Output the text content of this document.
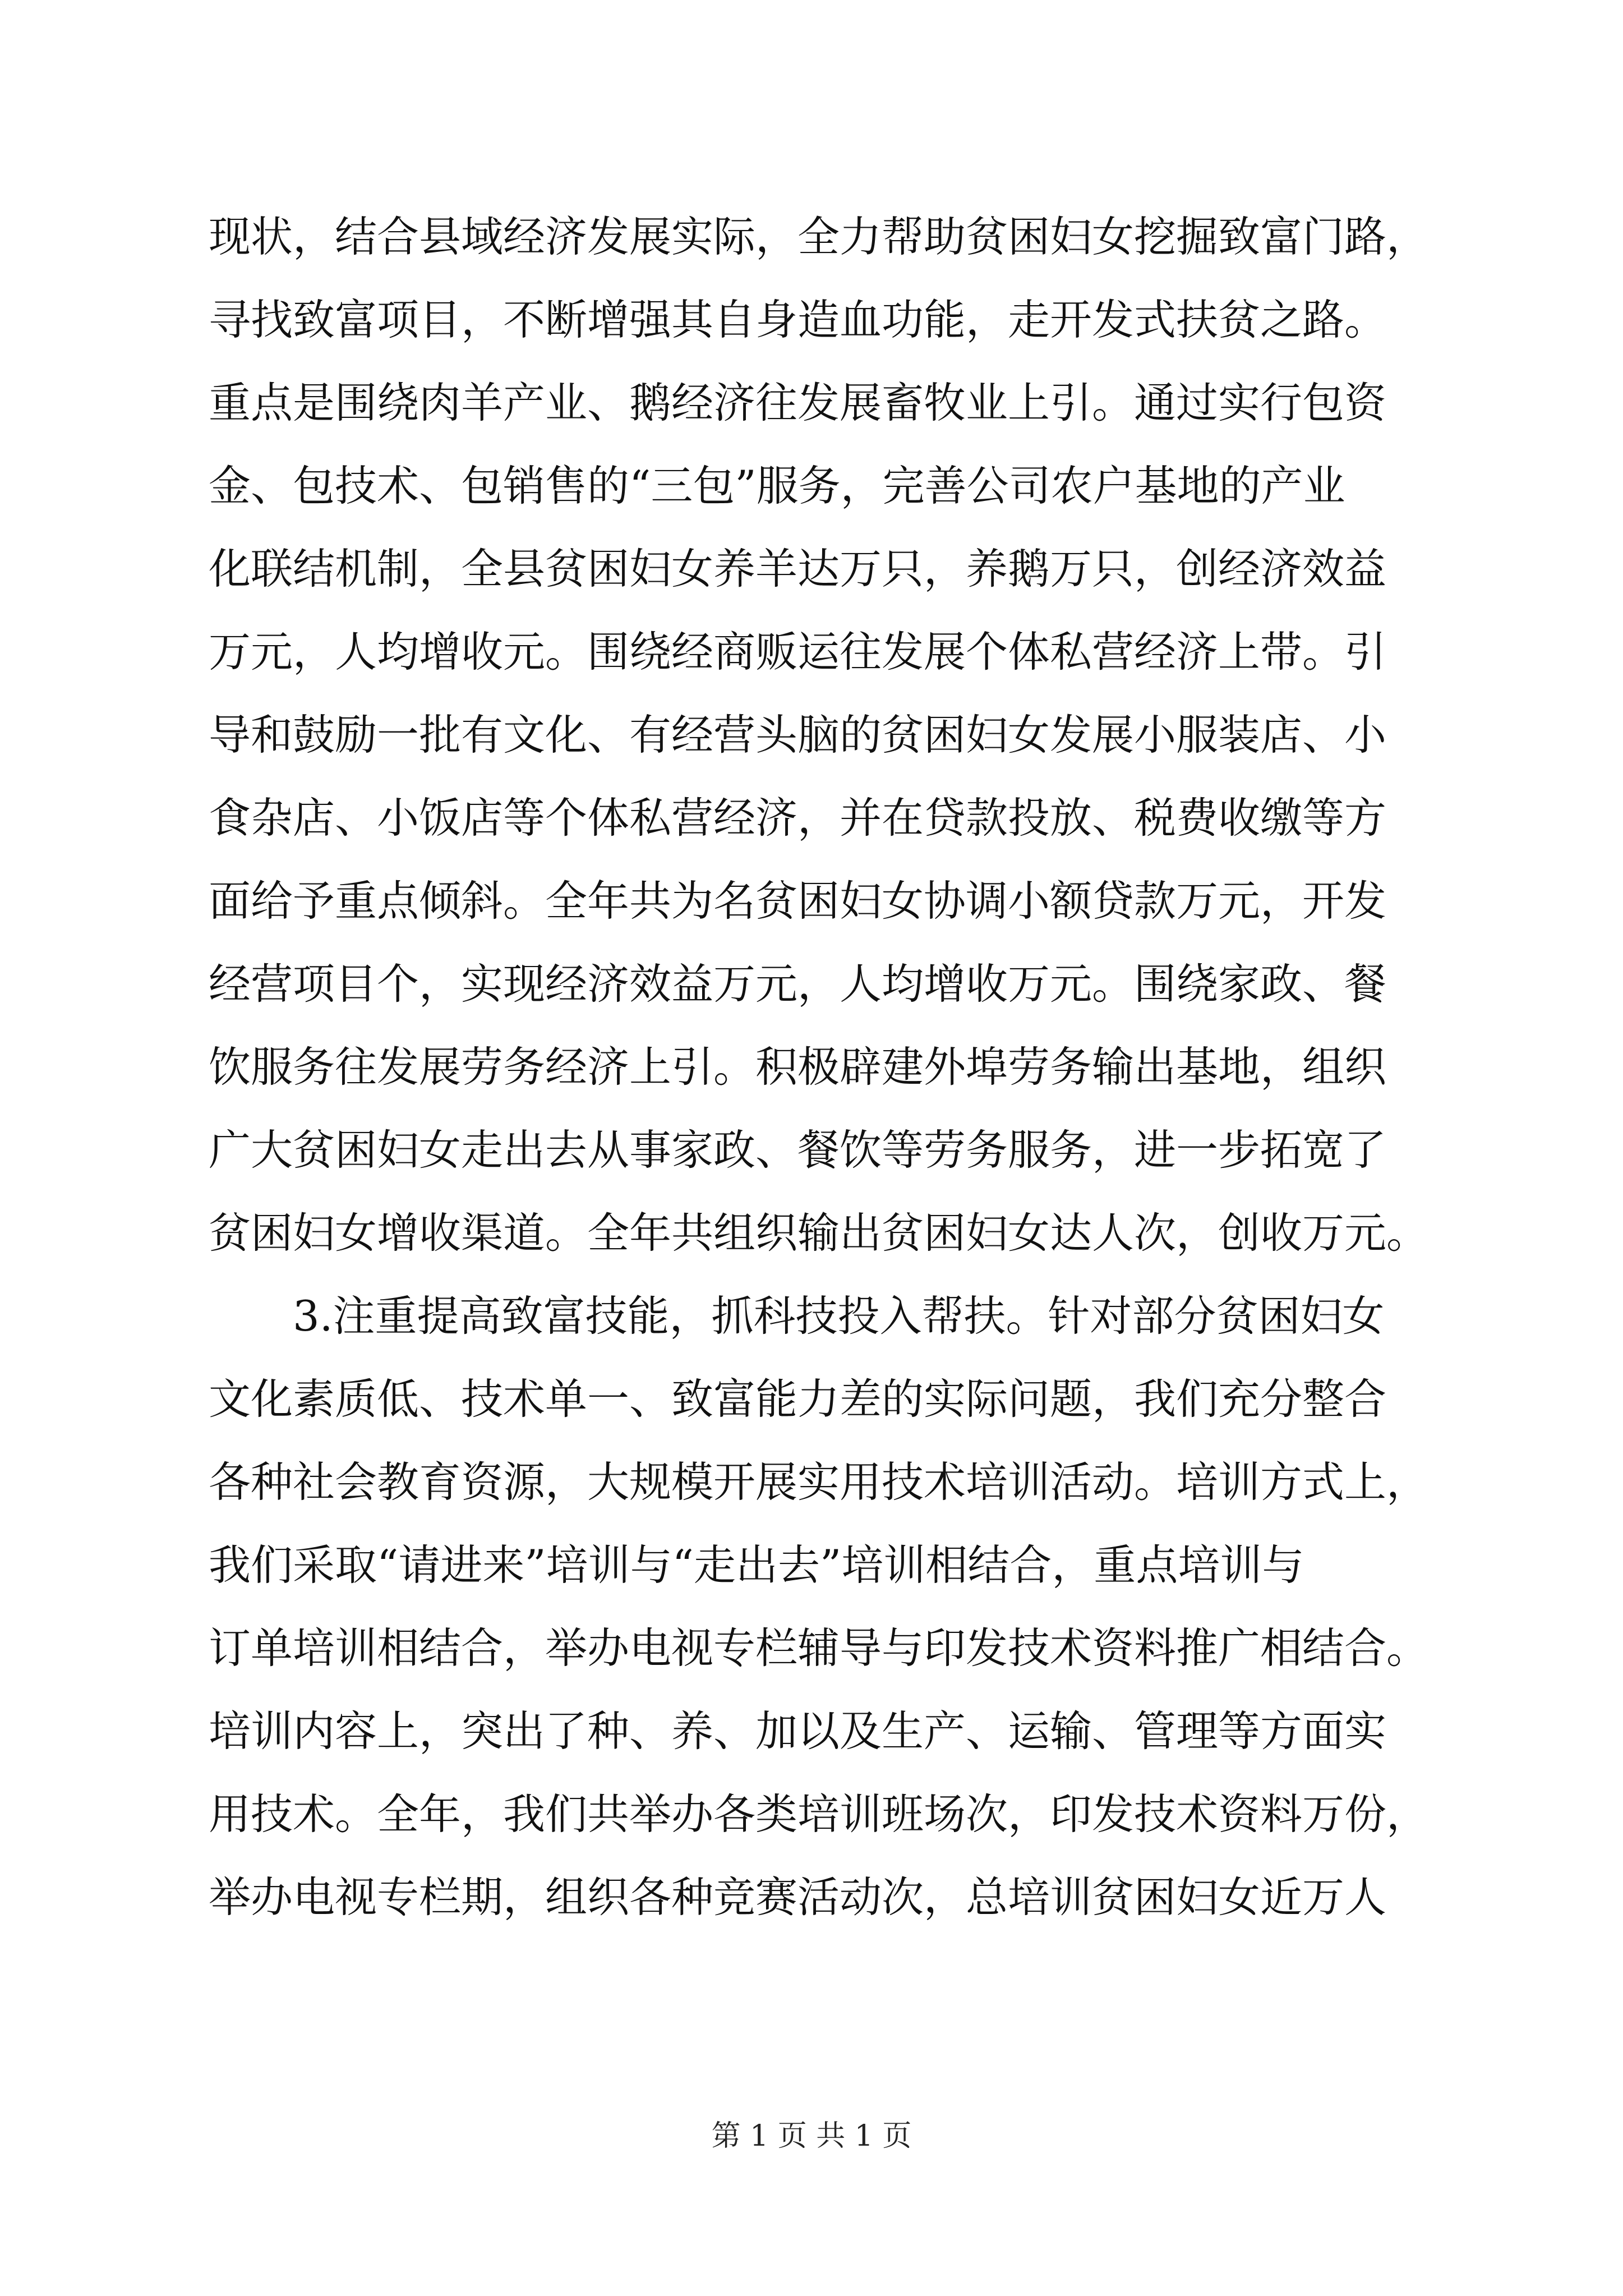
现状，结合县域经济发展实际，全力帮助贫困妇女挖掘致富门路，
寻找致富项目，不断增强其自身造血功能，走开发式扶贫之路。
重点是围绕肉羊产业、鹅经济往发展畜牧业上引。通过实行包资
金、包技术、包销售的“三包”服务，完善公司农户基地的产业
化联结机制，全县贫困妇女养羊达万只，养鹅万只，创经济效益
万元，人均增收元。围绕经商贩运往发展个体私营经济上带。引
导和鼓励一批有文化、有经营头脑的贫困妇女发展小服装店、小
食杂店、小饭店等个体私营经济，并在贷款投放、税费收缴等方
面给予重点倾斜。全年共为名贫困妇女协调小额贷款万元，开发
经营项目个，实现经济效益万元，人均增收万元。围绕家政、餐
饮服务往发展劳务经济上引。积极辟建外埠劳务输出基地，组织
广大贫困妇女走出去从事家政、餐饮等劳务服务，进一步拓宽了
贫困妇女增收渠道。全年共组织输出贫困妇女达人次，创收万元。
3.注重提高致富技能，抓科技投入帮扶。针对部分贫困妇女
文化素质低、技术单一、致富能力差的实际问题，我们充分整合
各种社会教育资源，大规模开展实用技术培训活动。培训方式上，
我们采取“请进来”培训与“走出去”培训相结合，重点培训与
订单培训相结合，举办电视专栏辅导与印发技术资料推广相结合。
培训内容上，突出了种、养、加以及生产、运输、管理等方面实
用技术。全年，我们共举办各类培训班场次，印发技术资料万份，
举办电视专栏期，组织各种竞赛活动次，总培训贫困妇女近万人
第 1 页 共 1 页
